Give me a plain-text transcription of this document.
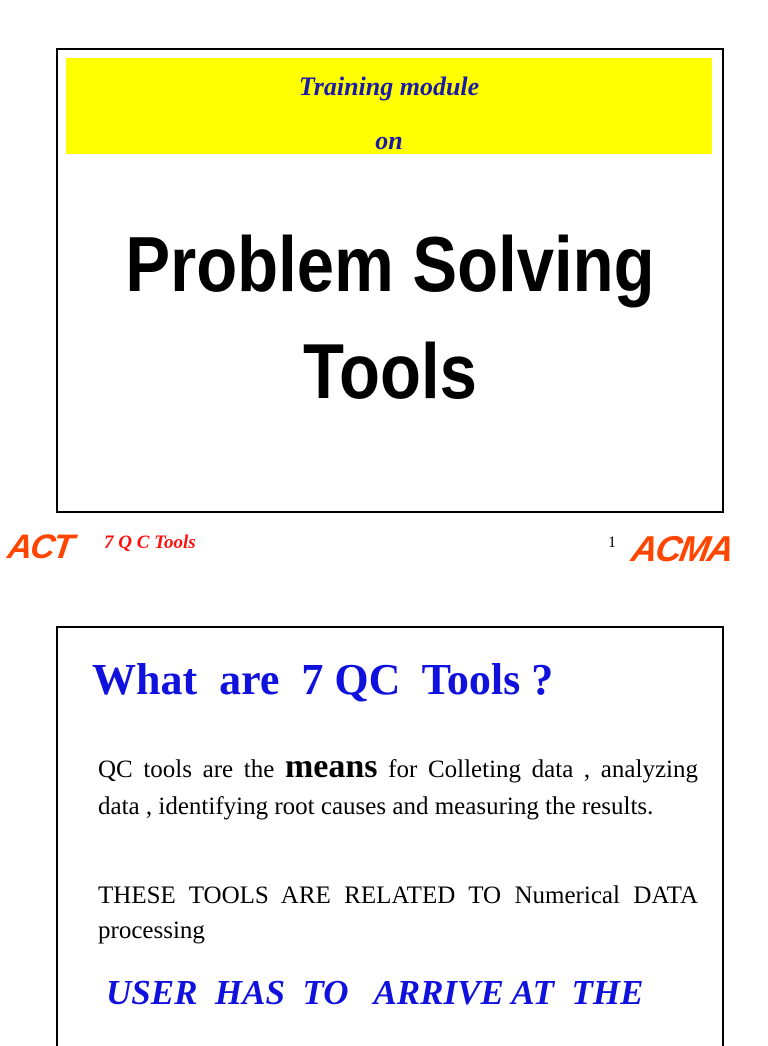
Training module
on
Problem Solving
Tools
ACT 7 Q C Tools	1 ACMA
What  are  7 QC  Tools ?
QC tools are the means for Colleting data , analyzing data , identifying root causes and measuring the results.
THESE TOOLS ARE RELATED TO Numerical DATA processing
USER  HAS  TO   ARRIVE AT  THE
